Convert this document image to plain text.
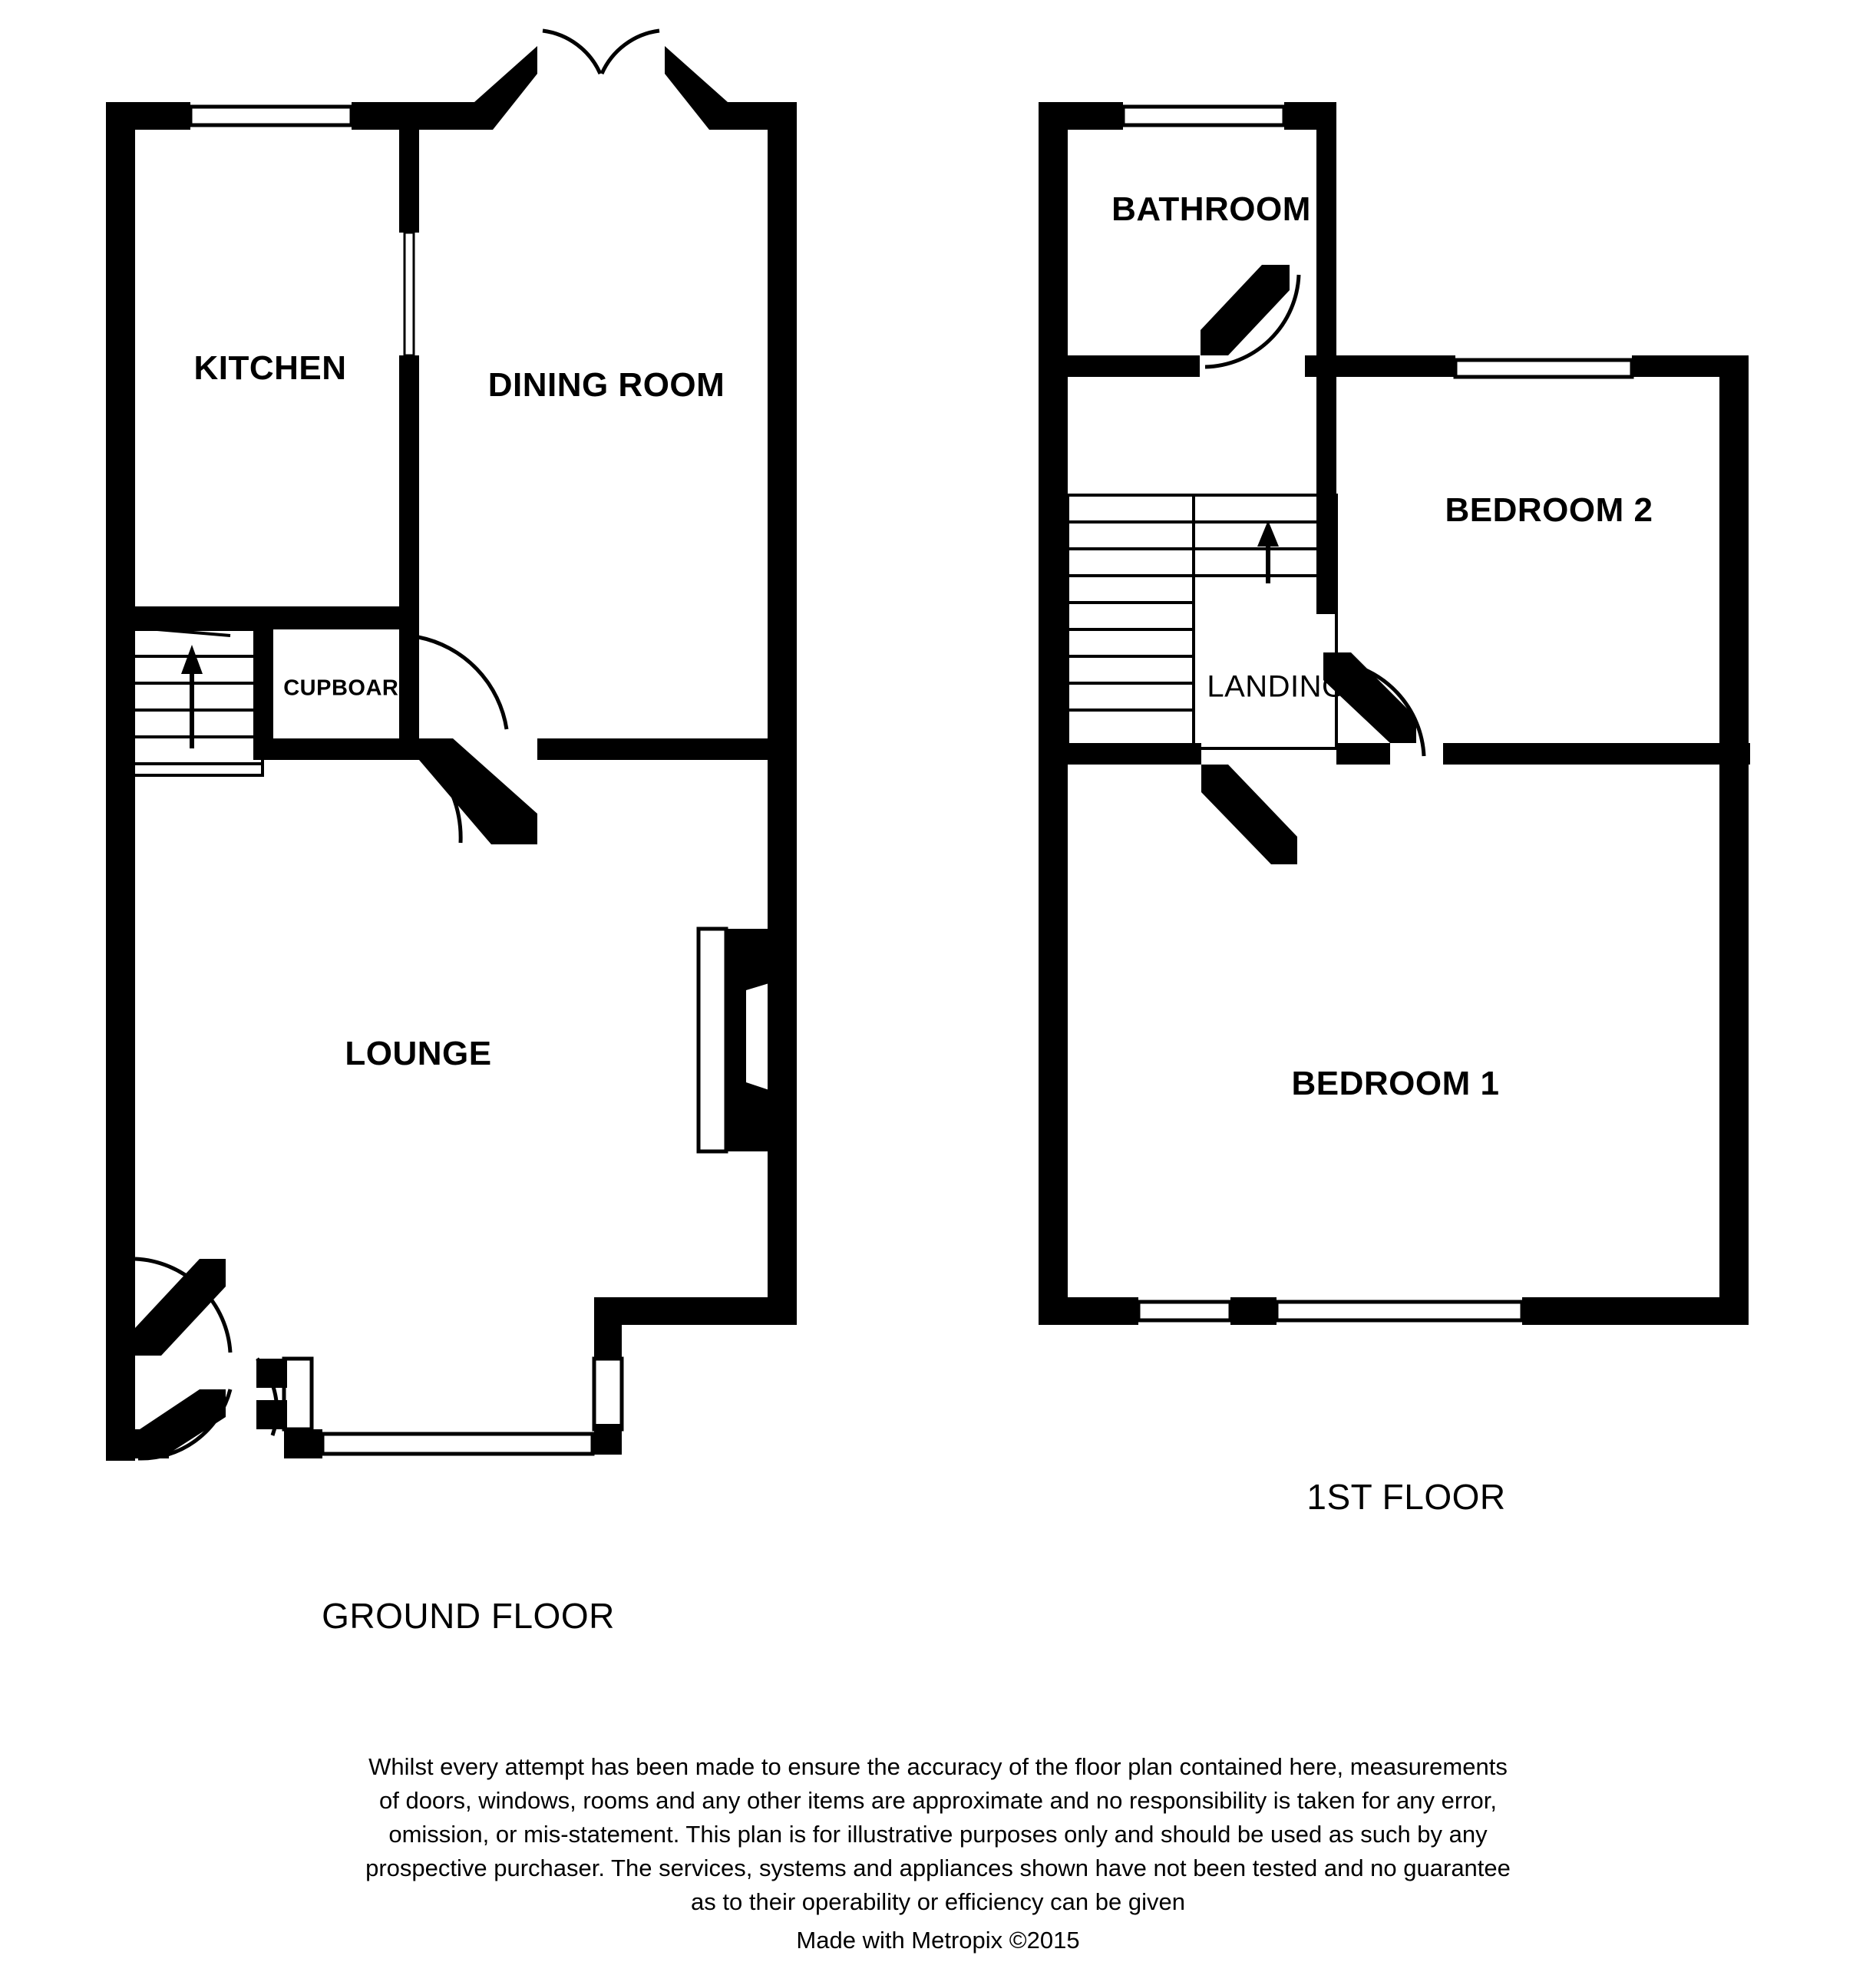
KITCHEN	DINING ROOM
CUPBOARD
LOUNGE
BATHROOM
BEDROOM 2
LANDING
BEDROOM 1
GROUND FLOOR
1ST FLOOR
Whilst every attempt has been made to ensure the accuracy of the floor plan contained here, measurements
of doors, windows, rooms and any other items are approximate and no responsibility is taken for any error,
omission, or mis-statement. This plan is for illustrative purposes only and should be used as such by any
prospective purchaser. The services, systems and appliances shown have not been tested and no guarantee
as to their operability or efficiency can be given
Made with Metropix ©2015
